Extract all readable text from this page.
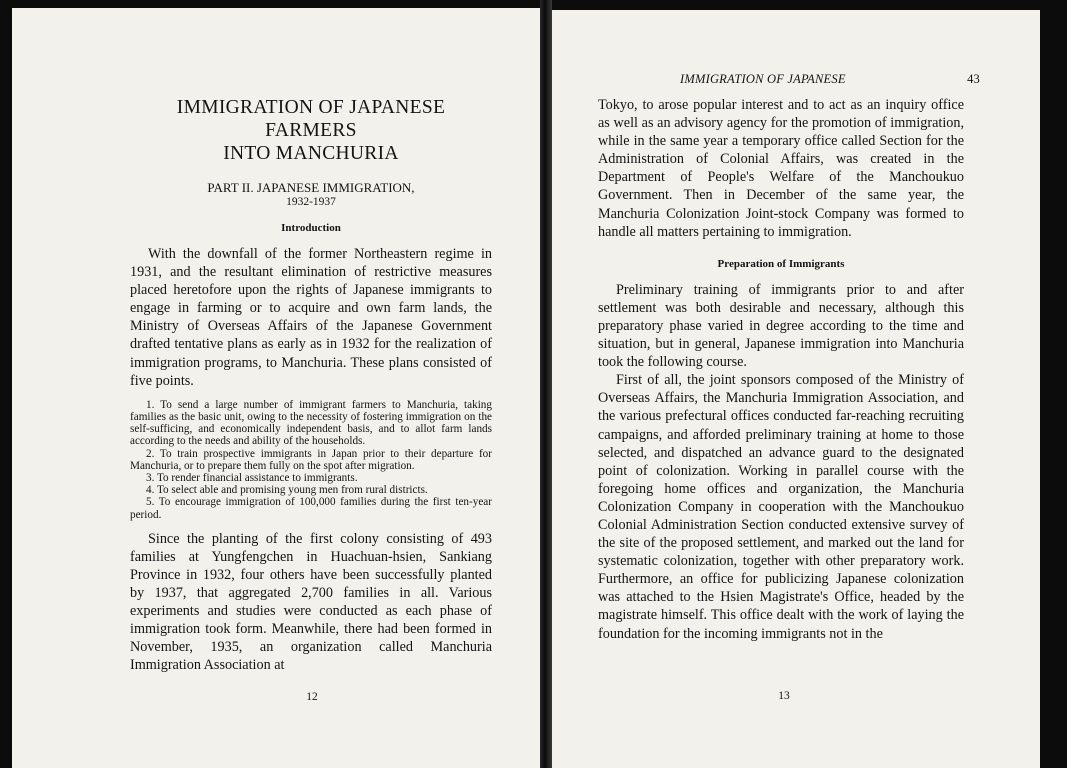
IMMIGRATION OF JAPANESE FARMERS
INTO MANCHURIA
PART II. JAPANESE IMMIGRATION,
1932-1937
Introduction

With the downfall of the former Northeastern regime in 1931, and the resultant elimination of restrictive measures placed heretofore upon the rights of Japanese immigrants to engage in farming or to acquire and own farm lands, the Ministry of Overseas Affairs of the Japanese Government drafted tentative plans as early as in 1932 for the realization of immigration programs, to Manchuria. These plans consisted of five points.

1. To send a large number of immigrant farmers to Manchuria, taking families as the basic unit, owing to the necessity of fostering immigration on the self-sufficing, and economically independent basis, and to allot farm lands according to the needs and ability of the households.
2. To train prospective immigrants in Japan prior to their departure for Manchuria, or to prepare them fully on the spot after migration.
3. To render financial assistance to immigrants.
4. To select able and promising young men from rural districts.
5. To encourage immigration of 100,000 families during the first ten-year period.

Since the planting of the first colony consisting of 493 families at Yungfengchen in Huachuan-hsien, Sankiang Province in 1932, four others have been successfully planted by 1937, that aggregated 2,700 families in all. Various experiments and studies were conducted as each phase of immigration took form. Meanwhile, there had been formed in November, 1935, an organization called Manchuria Immigration Association at

12
IMMIGRATION OF JAPANESE	43

Tokyo, to arose popular interest and to act as an inquiry office as well as an advisory agency for the promotion of immigration, while in the same year a temporary office called Section for the Administration of Colonial Affairs, was created in the Department of People's Welfare of the Manchoukuo Government. Then in December of the same year, the Manchuria Colonization Joint-stock Company was formed to handle all matters pertaining to immigration.

Preparation of Immigrants

Preliminary training of immigrants prior to and after settlement was both desirable and necessary, although this preparatory phase varied in degree according to the time and situation, but in general, Japanese immigration into Manchuria took the following course.

First of all, the joint sponsors composed of the Ministry of Overseas Affairs, the Manchuria Immigration Association, and the various prefectural offices conducted far-reaching recruiting campaigns, and afforded preliminary training at home to those selected, and dispatched an advance guard to the designated point of colonization. Working in parallel course with the foregoing home offices and organization, the Manchuria Colonization Company in cooperation with the Manchoukuo Colonial Administration Section conducted extensive survey of the site of the proposed settlement, and marked out the land for systematic colonization, together with other preparatory work. Furthermore, an office for publicizing Japanese colonization was attached to the Hsien Magistrate's Office, headed by the magistrate himself. This office dealt with the work of laying the foundation for the incoming immigrants not in the

13
